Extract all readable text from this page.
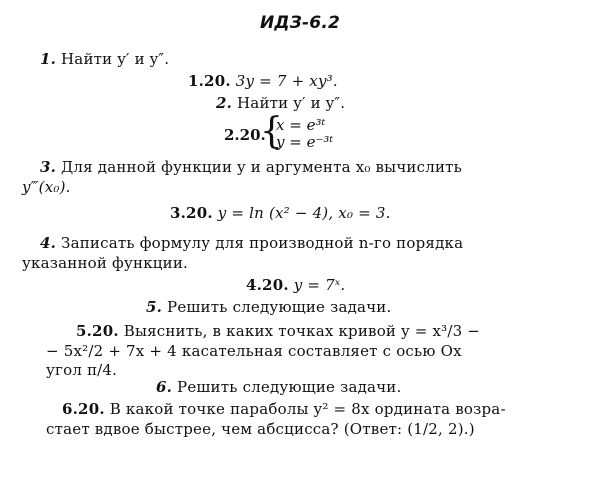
ИДЗ-6.2
1. Найти y′ и y″.
1.20. 3y = 7 + xy³.
2. Найти y′ и y″.
2.20.
{
x = e³ᵗ
y = e⁻³ᵗ
3. Для данной функции y и аргумента x₀ вычислить
y‴(x₀).
3.20. y = ln (x² − 4), x₀ = 3.
4. Записать формулу для производной n-го порядка
указанной функции.
4.20. y = 7ˣ.
5. Решить следующие задачи.
5.20. Выяснить, в каких точках кривой y = x³/3 −
− 5x²/2 + 7x + 4 касательная составляет с осью Ox
угол π/4.
6. Решить следующие задачи.
6.20. В какой точке параболы y² = 8x ордината возра-
стает вдвое быстрее, чем абсцисса? (Ответ: (1/2, 2).)
